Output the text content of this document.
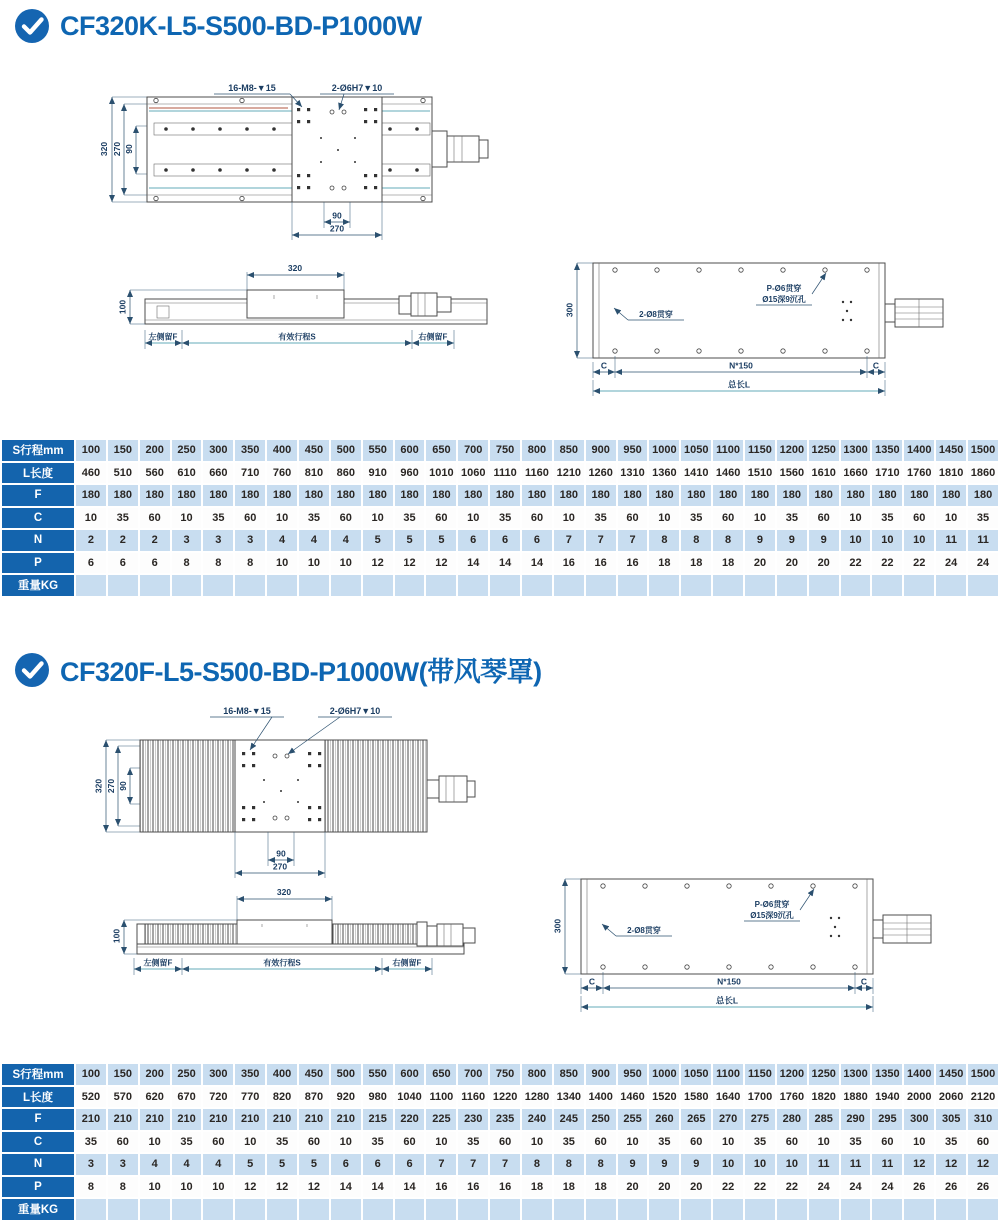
CF320K-L5-S500-BD-P1000W
320 270 90
16-M8-▼15	2-Ø6H7▼10
90
270
320
100
左侧留F	有效行程S	右侧留F
300	2-Ø8贯穿
P-Ø6贯穿
Ø15深9沉孔
C	N*150	C
总长L
S行程mm	100	150	200	250	300	350	400	450	500	550	600	650	700	750	800	850	900	950	1000	1050	1100	1150	1200	1250	1300	1350	1400	1450	1500
L长度	460	510	560	610	660	710	760	810	860	910	960	1010	1060	1110	1160	1210	1260	1310	1360	1410	1460	1510	1560	1610	1660	1710	1760	1810	1860
F	180	180	180	180	180	180	180	180	180	180	180	180	180	180	180	180	180	180	180	180	180	180	180	180	180	180	180	180	180
C	10	35	60	10	35	60	10	35	60	10	35	60	10	35	60	10	35	60	10	35	60	10	35	60	10	35	60	10	35
N	2	2	2	3	3	3	4	4	4	5	5	5	6	6	6	7	7	7	8	8	8	9	9	9	10	10	10	11	11
P	6	6	6	8	8	8	10	10	10	12	12	12	14	14	14	16	16	16	18	18	18	20	20	20	22	22	22	24	24
重量KG																													
CF320F-L5-S500-BD-P1000W(带风琴罩)
320 270 90
16-M8-▼15	2-Ø6H7▼10
90
270
320
100
左侧留F	有效行程S	右侧留F
300	2-Ø8贯穿
P-Ø6贯穿
Ø15深9沉孔
C	N*150	C
总长L
S行程mm	100	150	200	250	300	350	400	450	500	550	600	650	700	750	800	850	900	950	1000	1050	1100	1150	1200	1250	1300	1350	1400	1450	1500
L长度	520	570	620	670	720	770	820	870	920	980	1040	1100	1160	1220	1280	1340	1400	1460	1520	1580	1640	1700	1760	1820	1880	1940	2000	2060	2120
F	210	210	210	210	210	210	210	210	210	215	220	225	230	235	240	245	250	255	260	265	270	275	280	285	290	295	300	305	310
C	35	60	10	35	60	10	35	60	10	35	60	10	35	60	10	35	60	10	35	60	10	35	60	10	35	60	10	35	60
N	3	3	4	4	4	5	5	5	6	6	6	7	7	7	8	8	8	9	9	9	10	10	10	11	11	11	12	12	12
P	8	8	10	10	10	12	12	12	14	14	14	16	16	16	18	18	18	20	20	20	22	22	22	24	24	24	26	26	26
重量KG																													
